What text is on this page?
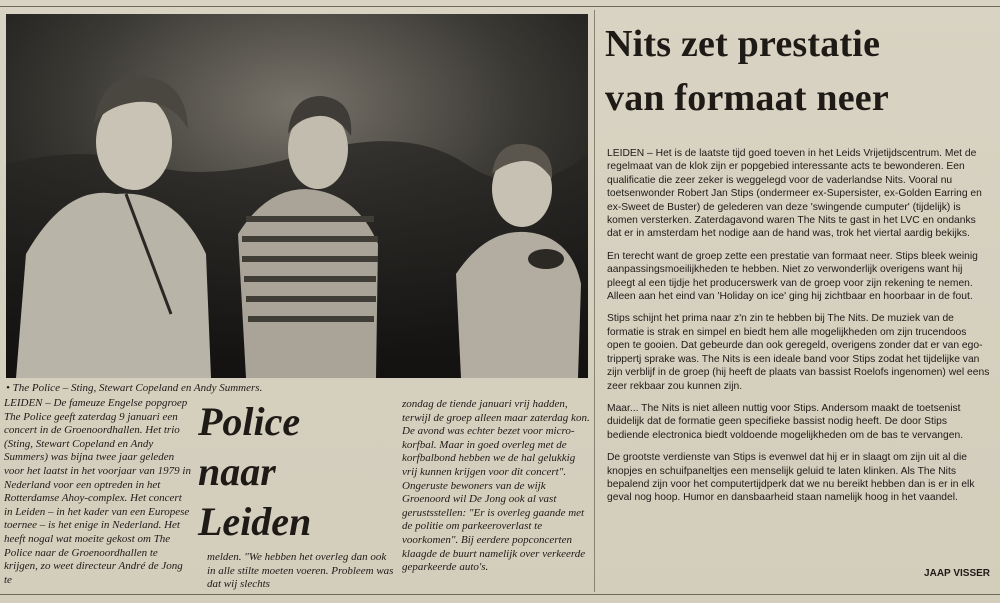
• The Police – Sting, Stewart Copeland en Andy Summers.

LEIDEN – De fameuze Engelse popgroep The Police geeft zaterdag 9 januari een concert in de Groenoordhallen. Het trio (Sting, Stewart Copeland en Andy Summers) was bijna twee jaar geleden voor het laatst in het voorjaar van 1979 in Nederland voor een optreden in het Rotterdamse Ahoy-complex. Het concert in Leiden – in het kader van een Europese toernee – is het enige in Nederland. Het heeft nogal wat moeite gekost om The Police naar de Groenoordhallen te krijgen, zo weet directeur André de Jong te

Police
naar
Leiden

melden. "We hebben het overleg dan ook in alle stilte moeten voeren. Probleem was dat wij slechts

zondag de tiende januari vrij hadden, terwijl de groep alleen maar zaterdag kon. De avond was echter bezet voor micro-korfbal. Maar in goed overleg met de korfbalbond hebben we de hal gelukkig vrij kunnen krijgen voor dit concert". Ongeruste bewoners van de wijk Groenoord wil De Jong ook al vast gerustsstellen: "Er is overleg gaande met de politie om parkeeroverlast te voorkomen". Bij eerdere popconcerten klaagde de buurt namelijk over verkeerde geparkeerde auto's.

Nits zet prestatie
van formaat neer

LEIDEN – Het is de laatste tijd goed toeven in het Leids Vrijetijdscentrum. Met de regelmaat van de klok zijn er popgebied interessante acts te bewonderen. Een qualificatie die zeer zeker is weggelegd voor de vaderlandse Nits. Vooral nu toetsenwonder Robert Jan Stips (ondermeer ex-Supersister, ex-Golden Earring en ex-Sweet de Buster) de gelederen van deze 'swingende cumputer' (tijdelijk) is komen versterken. Zaterdagavond waren The Nits te gast in het LVC en ondanks dat er in amsterdam het nodige aan de hand was, trok het viertal aardig bekijks.

En terecht want de groep zette een prestatie van formaat neer. Stips bleek weinig aanpassingsmoeilijkheden te hebben. Niet zo verwonderlijk overigens want hij pleegt al een tijdje het producerswerk van de groep voor zijn rekening te nemen. Alleen aan het eind van 'Holiday on ice' ging hij zichtbaar en hoorbaar in de fout.

Stips schijnt het prima naar z'n zin te hebben bij The Nits. De muziek van de formatie is strak en simpel en biedt hem alle mogelijkheden om zijn trucendoos open te gooien. Dat gebeurde dan ook geregeld, overigens zonder dat er van ego-trippertj sprake was. The Nits is een ideale band voor Stips zodat het tijdelijke van zijn verblijf in de groep (hij heeft de plaats van bassist Roelofs ingenomen) wel eens zeer rekbaar zou kunnen zijn.

Maar... The Nits is niet alleen nuttig voor Stips. Andersom maakt de toetsenist duidelijk dat de formatie geen specifieke bassist nodig heeft. De door Stips bediende electronica biedt voldoende mogelijkheden om de bas te vervangen.

De grootste verdienste van Stips is evenwel dat hij er in slaagt om zijn uit al die knopjes en schuifpaneltjes een menselijk geluid te laten klinken. Als The Nits bepalend zijn voor het computertijdperk dat we nu bereikt hebben dan is er in elk geval nog hoop. Humor en dansbaarheid staan namelijk hoog in het vaandel.

JAAP VISSER
